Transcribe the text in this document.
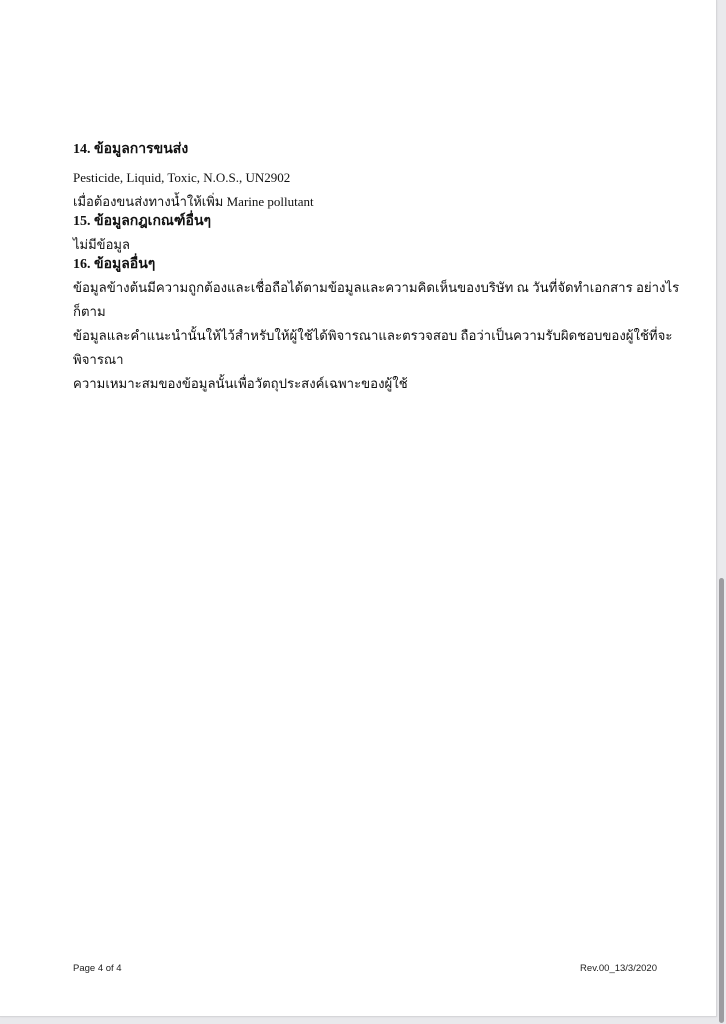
14. ข้อมูลการขนส่ง

Pesticide, Liquid, Toxic, N.O.S., UN2902

เมื่อต้องขนส่งทางน้ำให้เพิ่ม Marine pollutant

15. ข้อมูลกฎเกณฑ์อื่นๆ

ไม่มีข้อมูล

16. ข้อมูลอื่นๆ

ข้อมูลข้างต้นมีความถูกต้องและเชื่อถือได้ตามข้อมูลและความคิดเห็นของบริษัท ณ วันที่จัดทำเอกสาร อย่างไรก็ตาม
ข้อมูลและคำแนะนำนั้นให้ไว้สำหรับให้ผู้ใช้ได้พิจารณาและตรวจสอบ ถือว่าเป็นความรับผิดชอบของผู้ใช้ที่จะพิจารณา
ความเหมาะสมของข้อมูลนั้นเพื่อวัตถุประสงค์เฉพาะของผู้ใช้

Page 4 of 4	Rev.00_13/3/2020
